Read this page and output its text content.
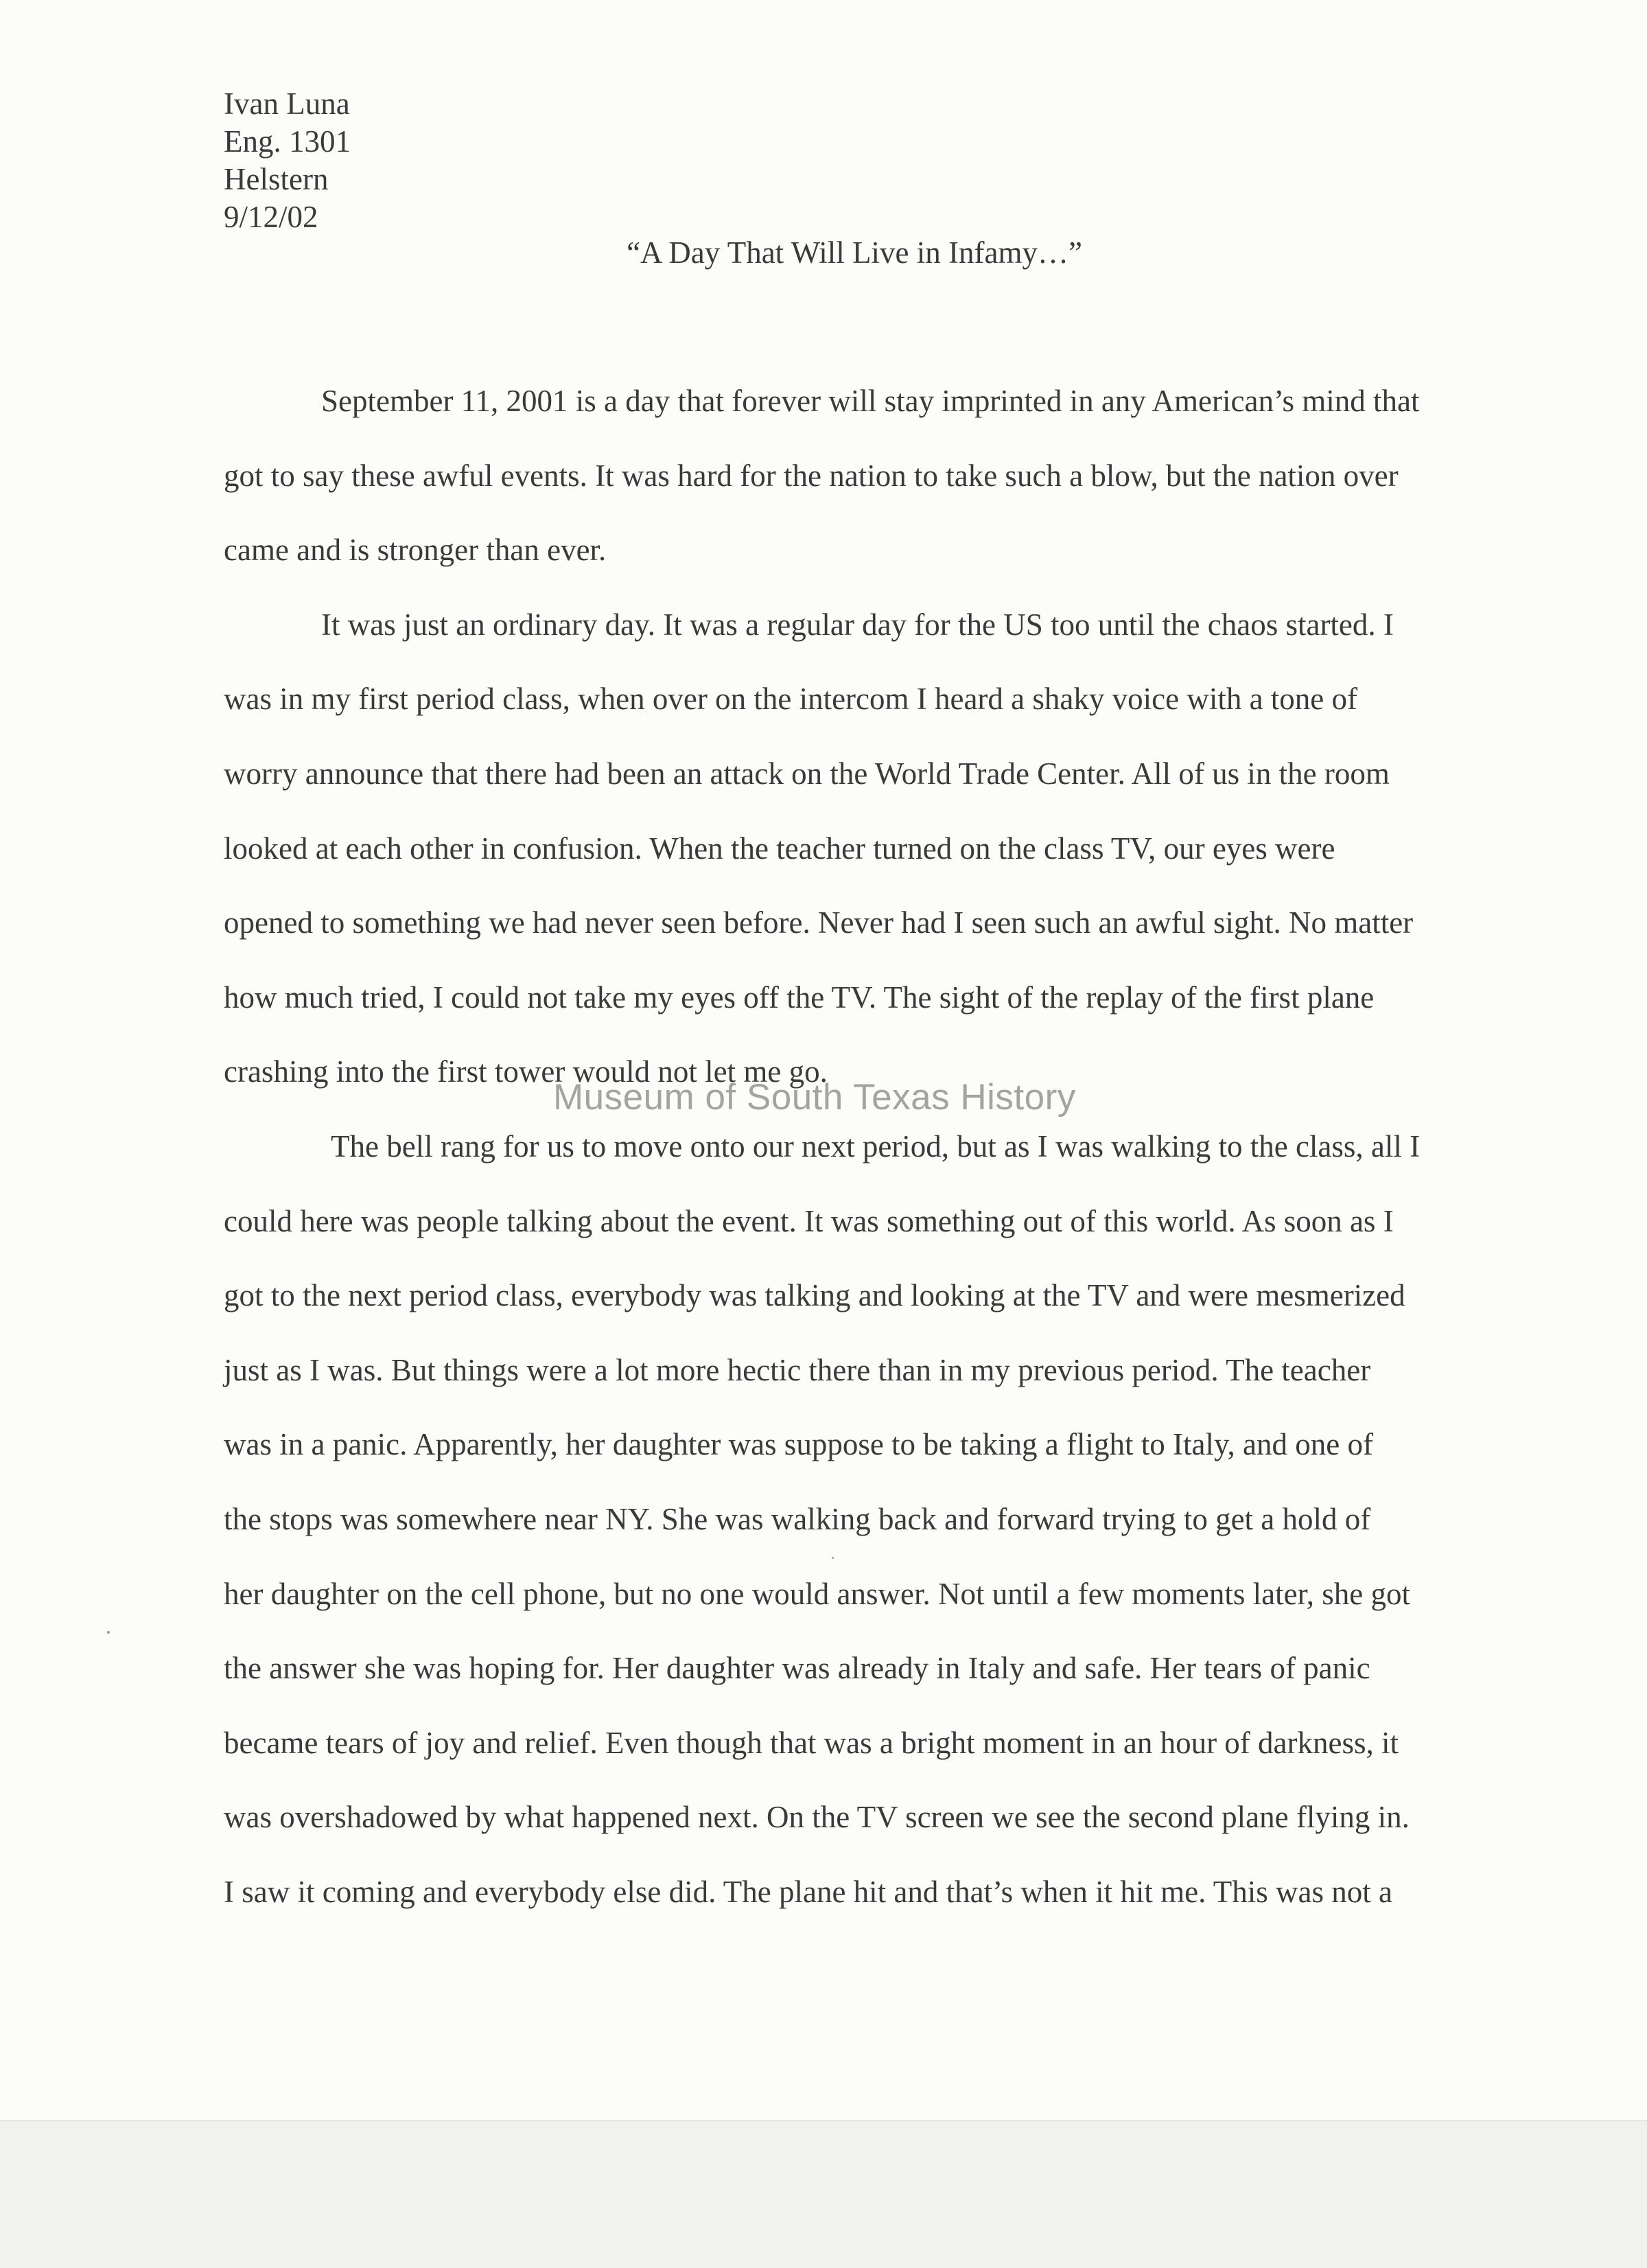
Ivan Luna
Eng. 1301
Helstern
9/12/02
“A Day That Will Live in Infamy…”
September 11, 2001 is a day that forever will stay imprinted in any American’s mind that
got to say these awful events. It was hard for the nation to take such a blow, but the nation over
came and is stronger than ever.
It was just an ordinary day. It was a regular day for the US too until the chaos started. I
was in my first period class, when over on the intercom I heard a shaky voice with a tone of
worry announce that there had been an attack on the World Trade Center. All of us in the room
looked at each other in confusion. When the teacher turned on the class TV, our eyes were
opened to something we had never seen before. Never had I seen such an awful sight. No matter
how much tried, I could not take my eyes off the TV. The sight of the replay of the first plane
crashing into the first tower would not let me go.
The bell rang for us to move onto our next period, but as I was walking to the class, all I
could here was people talking about the event. It was something out of this world. As soon as I
got to the next period class, everybody was talking and looking at the TV and were mesmerized
just as I was. But things were a lot more hectic there than in my previous period. The teacher
was in a panic. Apparently, her daughter was suppose to be taking a flight to Italy, and one of
the stops was somewhere near NY. She was walking back and forward trying to get a hold of
her daughter on the cell phone, but no one would answer. Not until a few moments later, she got
the answer she was hoping for. Her daughter was already in Italy and safe. Her tears of panic
became tears of joy and relief. Even though that was a bright moment in an hour of darkness, it
was overshadowed by what happened next. On the TV screen we see the second plane flying in.
I saw it coming and everybody else did. The plane hit and that’s when it hit me. This was not a
Museum of South Texas History
